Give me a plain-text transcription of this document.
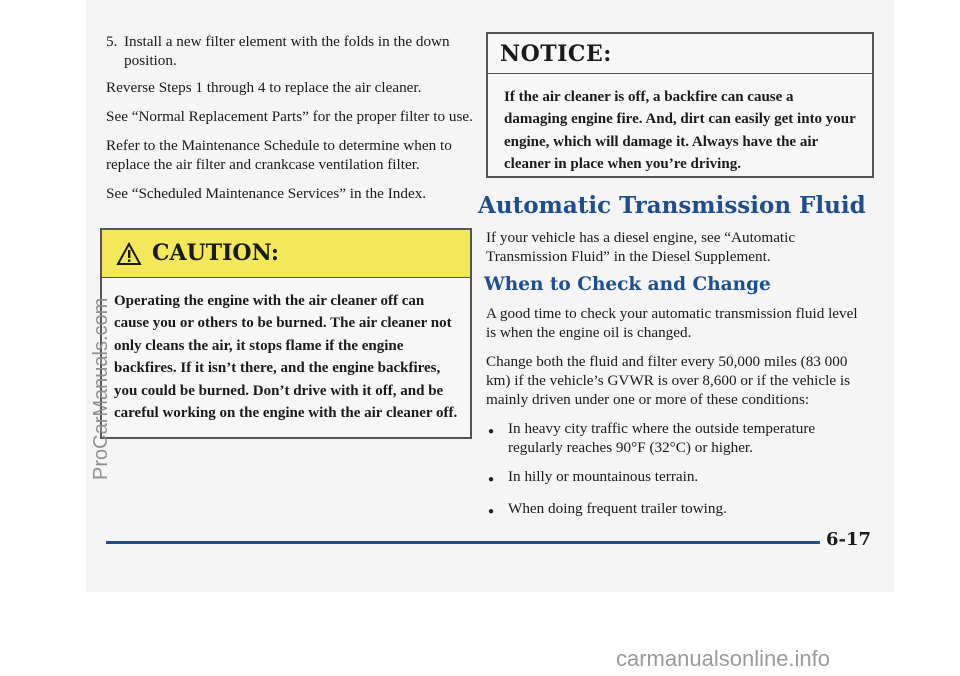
5. Install a new filter element with the folds in the down position.

Reverse Steps 1 through 4 to replace the air cleaner.

See “Normal Replacement Parts” for the proper filter to use.

Refer to the Maintenance Schedule to determine when to replace the air filter and crankcase ventilation filter.

See “Scheduled Maintenance Services” in the Index.

CAUTION:
Operating the engine with the air cleaner off can cause you or others to be burned. The air cleaner not only cleans the air, it stops flame if the engine backfires. If it isn’t there, and the engine backfires, you could be burned. Don’t drive with it off, and be careful working on the engine with the air cleaner off.
NOTICE:
If the air cleaner is off, a backfire can cause a damaging engine fire. And, dirt can easily get into your engine, which will damage it. Always have the air cleaner in place when you’re driving.
Automatic Transmission Fluid

If your vehicle has a diesel engine, see “Automatic Transmission Fluid” in the Diesel Supplement.

When to Check and Change

A good time to check your automatic transmission fluid level is when the engine oil is changed.

Change both the fluid and filter every 50,000 miles (83 000 km) if the vehicle’s GVWR is over 8,600 or if the vehicle is mainly driven under one or more of these conditions:

● In heavy city traffic where the outside temperature regularly reaches 90°F (32°C) or higher.
● In hilly or mountainous terrain.
● When doing frequent trailer towing.
6-17
ProCarManuals.com
carmanualsonline.info
